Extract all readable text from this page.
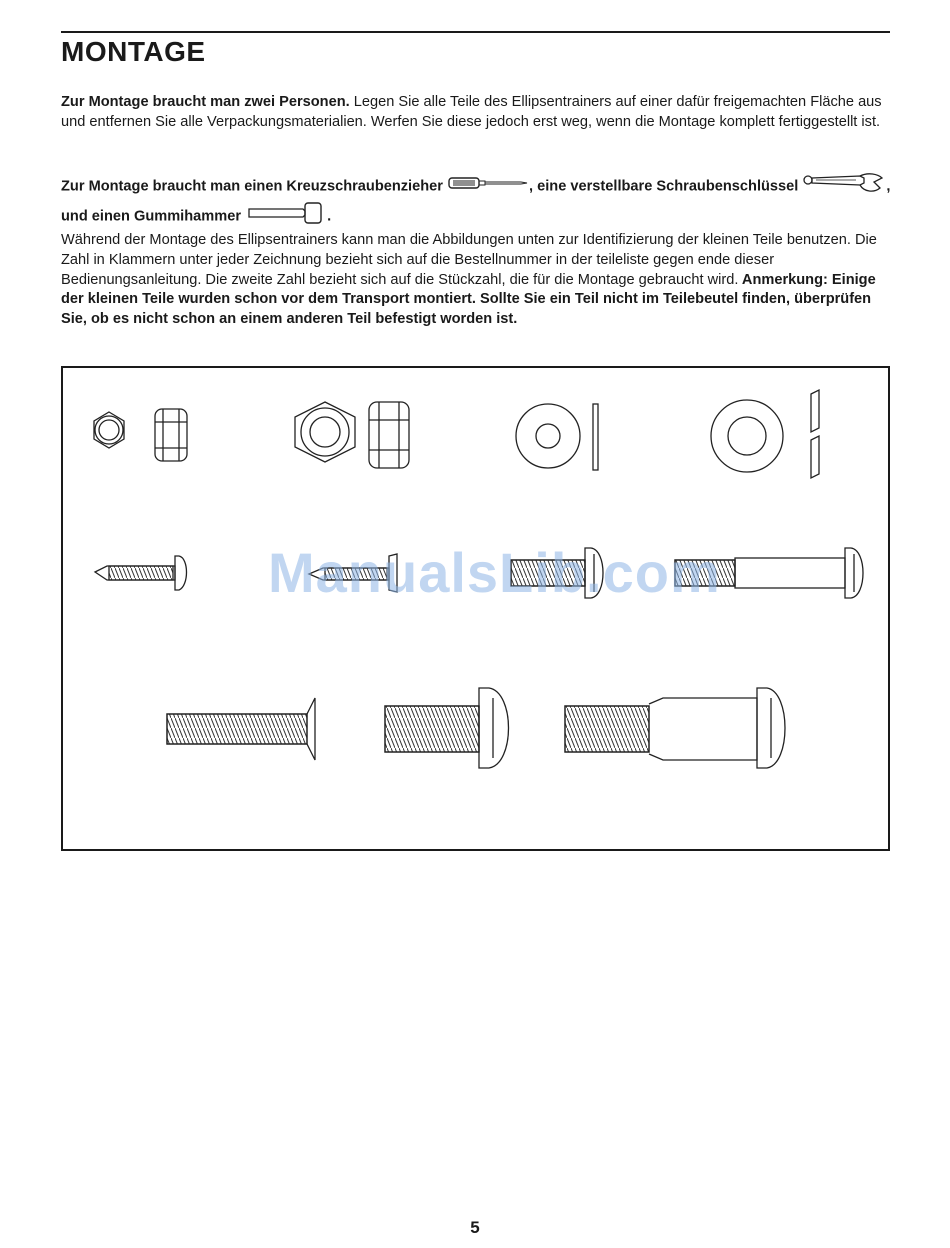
MONTAGE

Zur Montage braucht man zwei Personen. Legen Sie alle Teile des Ellipsentrainers auf einer dafür freigemachten Fläche aus und entfernen Sie alle Verpackungsmaterialien. Werfen Sie diese jedoch erst weg, wenn die Montage komplett fertiggestellt ist.

Zur Montage braucht man einen Kreuzschraubenzieher	, eine verstellbare Schraubenschlüssel	, und einen Gummihammer	.

Während der Montage des Ellipsentrainers kann man die Abbildungen unten zur Identifizierung der kleinen Teile benutzen. Die Zahl in Klammern unter jeder Zeichnung bezieht sich auf die Bestellnummer in der teileliste gegen ende dieser Bedienungsanleitung. Die zweite Zahl bezieht sich auf die Stückzahl, die für die Montage gebraucht wird. Anmerkung: Einige der kleinen Teile wurden schon vor dem Transport montiert. Sollte Sie ein Teil nicht im Teilebeutel finden, überprüfen Sie, ob es nicht schon an einem anderen Teil befestigt worden ist.

ManualsLib.com
5
